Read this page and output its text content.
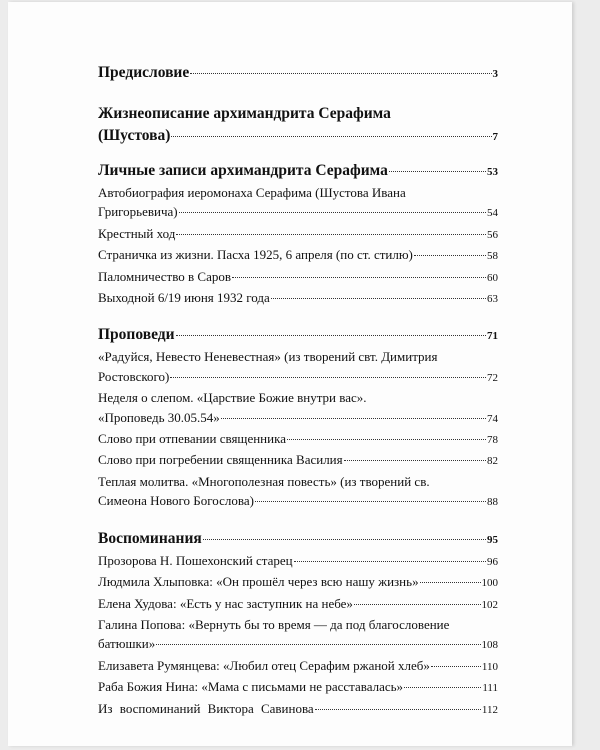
Предисловие	3
Жизнеописание архимандрита Серафима
(Шустова)	7
Личные записи архимандрита Серафима	53
Автобиография иеромонаха Серафима (Шустова Ивана
Григорьевича)	54
Крестный ход	56
Страничка из жизни. Пасха 1925, 6 апреля (по ст. стилю)	58
Паломничество в Саров	60
Выходной 6/19 июня 1932 года	63
Проповеди	71
«Радуйся, Невесто Неневестная» (из творений свт. Димитрия
Ростовского)	72
Неделя о слепом. «Царствие Божие внутри вас».
«Проповедь 30.05.54»	74
Слово при отпевании священника	78
Слово при погребении священника Василия	82
Теплая молитва. «Многополезная повесть» (из творений св.
Симеона Нового Богослова)	88
Воспоминания	95
Прозорова Н. Пошехонский старец	96
Людмила Хлыповка: «Он прошёл через всю нашу жизнь»	100
Елена Худова: «Есть у нас заступник на небе»	102
Галина Попова: «Вернуть бы то время — да под благословение
батюшки»	108
Елизавета Румянцева: «Любил отец Серафим ржаной хлеб»	110
Раба Божия Нина: «Мама с письмами не расставалась»	111
Из воспоминаний Виктора Савинова	112
